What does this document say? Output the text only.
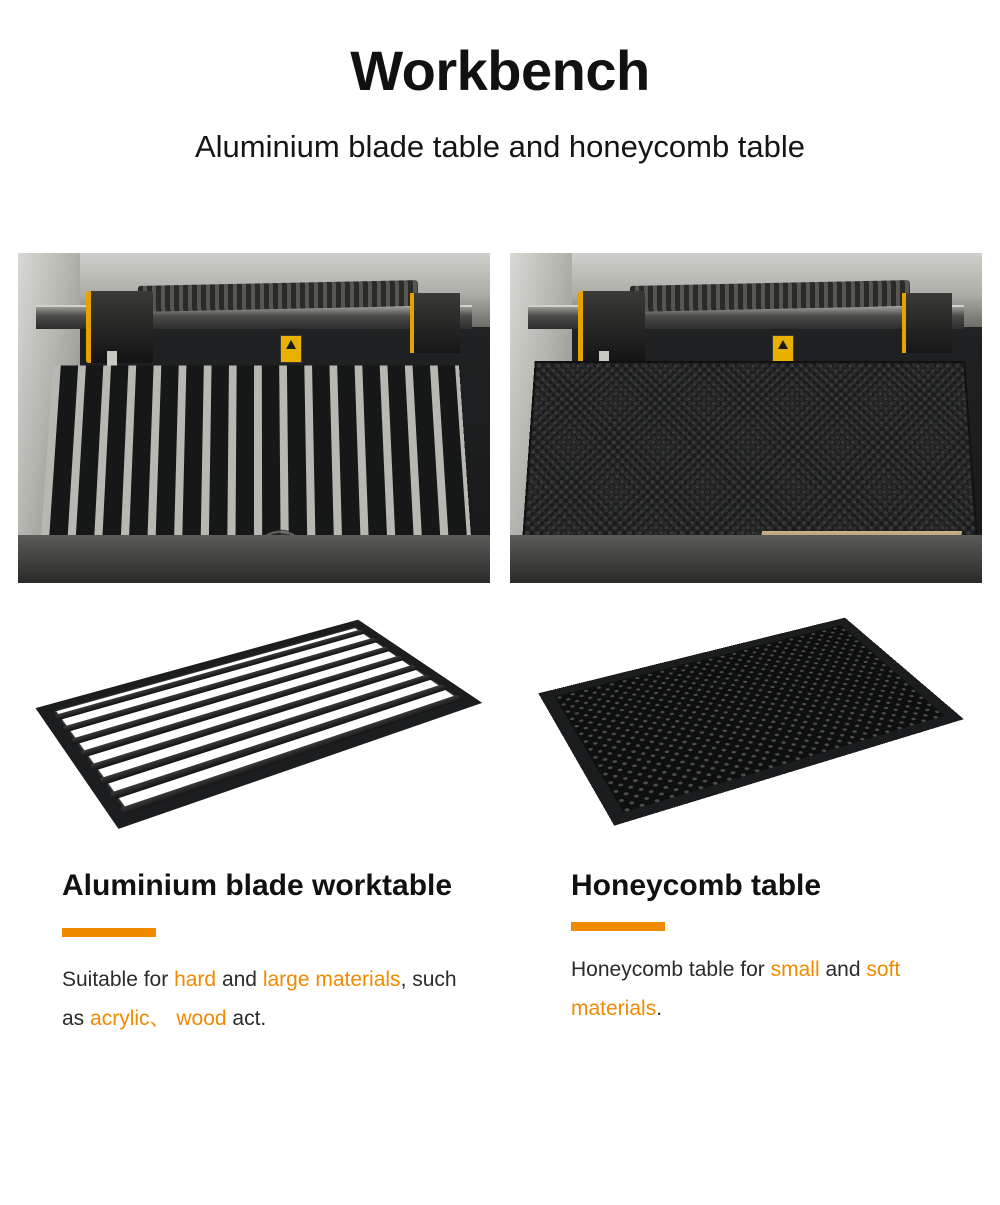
Workbench
Aluminium blade table and honeycomb table
Aluminium blade worktable

Suitable for hard and large materials, such as acrylic、 wood act.

Honeycomb table

Honeycomb table for small and soft materials.
